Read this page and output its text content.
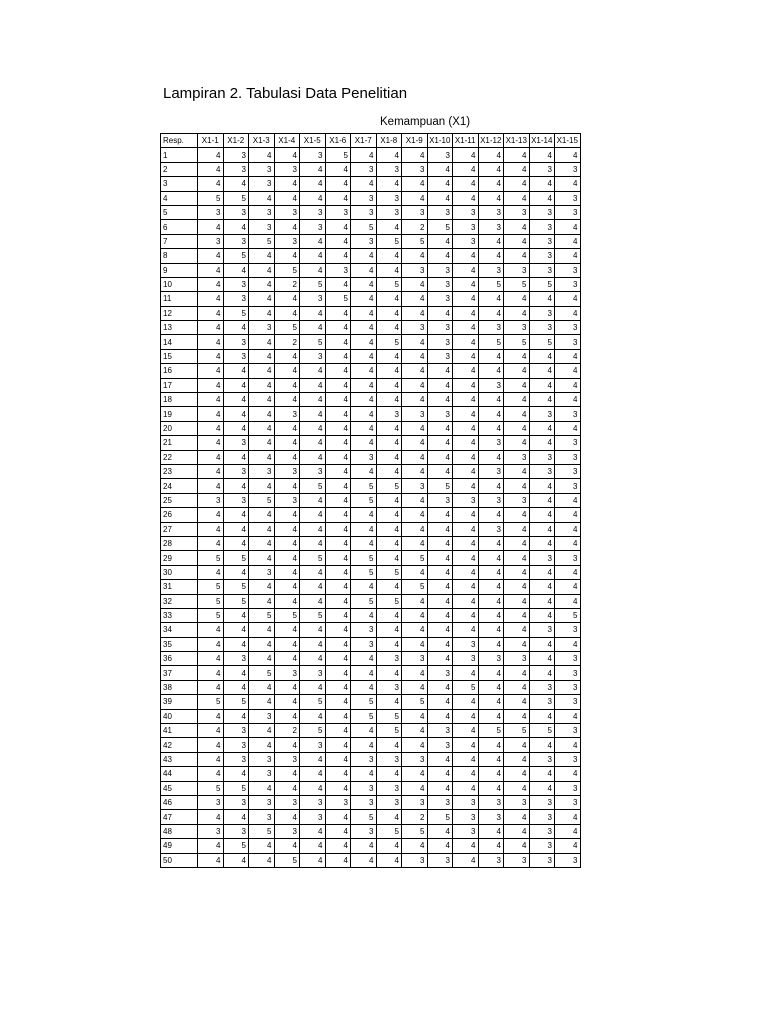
Lampiran 2. Tabulasi Data Penelitian
Kemampuan (X1)
Resp.	X1-1	X1-2	X1-3	X1-4	X1-5	X1-6	X1-7	X1-8	X1-9	X1-10	X1-11	X1-12	X1-13	X1-14	X1-15
1	4	3	4	4	3	5	4	4	4	3	4	4	4	4	4
2	4	3	3	3	4	4	3	3	3	4	4	4	4	3	3
3	4	4	3	4	4	4	4	4	4	4	4	4	4	4	4
4	5	5	4	4	4	4	3	3	4	4	4	4	4	4	3
5	3	3	3	3	3	3	3	3	3	3	3	3	3	3	3
6	4	4	3	4	3	4	5	4	2	5	3	3	4	3	4
7	3	3	5	3	4	4	3	5	5	4	3	4	4	3	4
8	4	5	4	4	4	4	4	4	4	4	4	4	4	3	4
9	4	4	4	5	4	3	4	4	3	3	4	3	3	3	3
10	4	3	4	2	5	4	4	5	4	3	4	5	5	5	3
11	4	3	4	4	3	5	4	4	4	3	4	4	4	4	4
12	4	5	4	4	4	4	4	4	4	4	4	4	4	3	4
13	4	4	3	5	4	4	4	4	3	3	4	3	3	3	3
14	4	3	4	2	5	4	4	5	4	3	4	5	5	5	3
15	4	3	4	4	3	4	4	4	4	3	4	4	4	4	4
16	4	4	4	4	4	4	4	4	4	4	4	4	4	4	4
17	4	4	4	4	4	4	4	4	4	4	4	3	4	4	4
18	4	4	4	4	4	4	4	4	4	4	4	4	4	4	4
19	4	4	4	3	4	4	4	3	3	3	4	4	4	3	3
20	4	4	4	4	4	4	4	4	4	4	4	4	4	4	4
21	4	3	4	4	4	4	4	4	4	4	4	3	4	4	3
22	4	4	4	4	4	4	3	4	4	4	4	4	3	3	3
23	4	3	3	3	3	4	4	4	4	4	4	3	4	3	3
24	4	4	4	4	5	4	5	5	3	5	4	4	4	4	3
25	3	3	5	3	4	4	5	4	4	3	3	3	3	4	4
26	4	4	4	4	4	4	4	4	4	4	4	4	4	4	4
27	4	4	4	4	4	4	4	4	4	4	4	3	4	4	4
28	4	4	4	4	4	4	4	4	4	4	4	4	4	4	4
29	5	5	4	4	5	4	5	4	5	4	4	4	4	3	3
30	4	4	3	4	4	4	5	5	4	4	4	4	4	4	4
31	5	5	4	4	4	4	4	4	5	4	4	4	4	4	4
32	5	5	4	4	4	4	5	5	4	4	4	4	4	4	4
33	5	4	5	5	5	4	4	4	4	4	4	4	4	4	5
34	4	4	4	4	4	4	3	4	4	4	4	4	4	3	3
35	4	4	4	4	4	4	3	4	4	4	3	4	4	4	4
36	4	3	4	4	4	4	4	3	3	4	3	3	3	4	3
37	4	4	5	3	3	4	4	4	4	3	4	4	4	4	3
38	4	4	4	4	4	4	4	3	4	4	5	4	4	3	3
39	5	5	4	4	5	4	5	4	5	4	4	4	4	3	3
40	4	4	3	4	4	4	5	5	4	4	4	4	4	4	4
41	4	3	4	2	5	4	4	5	4	3	4	5	5	5	3
42	4	3	4	4	3	4	4	4	4	3	4	4	4	4	4
43	4	3	3	3	4	4	3	3	3	4	4	4	4	3	3
44	4	4	3	4	4	4	4	4	4	4	4	4	4	4	4
45	5	5	4	4	4	4	3	3	4	4	4	4	4	4	3
46	3	3	3	3	3	3	3	3	3	3	3	3	3	3	3
47	4	4	3	4	3	4	5	4	2	5	3	3	4	3	4
48	3	3	5	3	4	4	3	5	5	4	3	4	4	3	4
49	4	5	4	4	4	4	4	4	4	4	4	4	4	3	4
50	4	4	4	5	4	4	4	4	3	3	4	3	3	3	3
